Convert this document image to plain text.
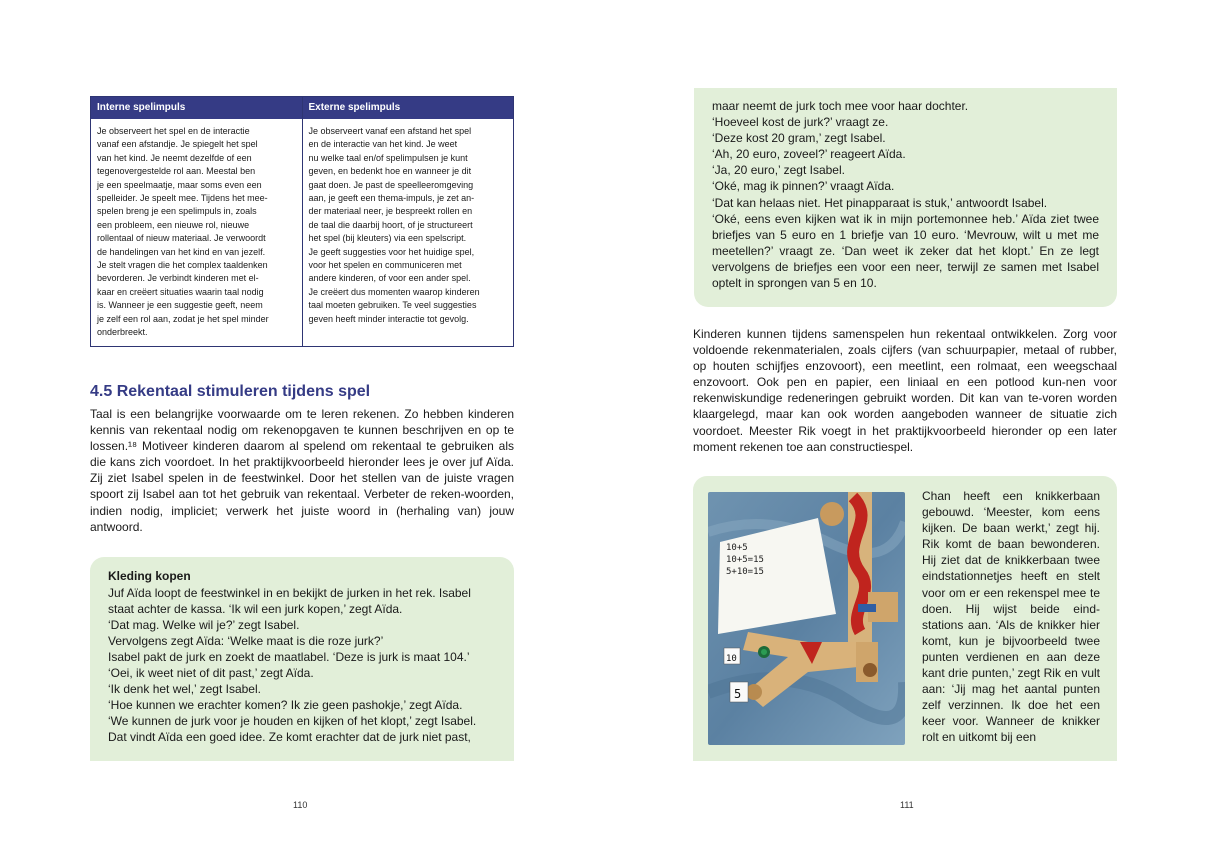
Interne spelimpuls
Je observeert het spel en de interactie
vanaf een afstandje. Je spiegelt het spel
van het kind. Je neemt dezelfde of een
tegenovergestelde rol aan. Meestal ben
je een speelmaatje, maar soms even een
spelleider. Je speelt mee. Tijdens het mee-
spelen breng je een spelimpuls in, zoals
een probleem, een nieuwe rol, nieuwe
rollentaal of nieuw materiaal. Je verwoordt
de handelingen van het kind en van jezelf.
Je stelt vragen die het complex taaldenken
bevorderen. Je verbindt kinderen met el-
kaar en creëert situaties waarin taal nodig
is. Wanneer je een suggestie geeft, neem
je zelf een rol aan, zodat je het spel minder
onderbreekt.
Externe spelimpuls
Je observeert vanaf een afstand het spel
en de interactie van het kind. Je weet
nu welke taal en/of spelimpulsen je kunt
geven, en bedenkt hoe en wanneer je dit
gaat doen. Je past de speelleeromgeving
aan, je geeft een thema-impuls, je zet an-
der materiaal neer, je bespreekt rollen en
de taal die daarbij hoort, of je structureert
het spel (bij kleuters) via een spelscript.
Je geeft suggesties voor het huidige spel,
voor het spelen en communiceren met
andere kinderen, of voor een ander spel.
Je creëert dus momenten waarop kinderen
taal moeten gebruiken. Te veel suggesties
geven heeft minder interactie tot gevolg.
4.5 Rekentaal stimuleren tijdens spel

Taal is een belangrijke voorwaarde om te leren rekenen. Zo hebben kinderen kennis van rekentaal nodig om rekenopgaven te kunnen beschrijven en op te lossen.¹⁸ Motiveer kinderen daarom al spelend om rekentaal te gebruiken als die kans zich voordoet. In het praktijkvoorbeeld hieronder lees je over juf Aïda. Zij ziet Isabel spelen in de feestwinkel. Door het stellen van de juiste vragen spoort zij Isabel aan tot het gebruik van rekentaal. Verbeter de reken-woorden, indien nodig, impliciet; verwerk het juiste woord in (herhaling van) jouw antwoord.

Kleding kopen

Juf Aïda loopt de feestwinkel in en bekijkt de jurken in het rek. Isabel
staat achter de kassa. ‘Ik wil een jurk kopen,’ zegt Aïda.
‘Dat mag. Welke wil je?’ zegt Isabel.
Vervolgens zegt Aïda: ‘Welke maat is die roze jurk?’
Isabel pakt de jurk en zoekt de maatlabel. ‘Deze is jurk is maat 104.’
‘Oei, ik weet niet of dit past,’ zegt Aïda.
‘Ik denk het wel,’ zegt Isabel.
‘Hoe kunnen we erachter komen? Ik zie geen pashokje,’ zegt Aïda.
‘We kunnen de jurk voor je houden en kijken of het klopt,’ zegt Isabel.
Dat vindt Aïda een goed idee. Ze komt erachter dat de jurk niet past,
110
maar neemt de jurk toch mee voor haar dochter.
‘Hoeveel kost de jurk?’ vraagt ze.
‘Deze kost 20 gram,’ zegt Isabel.
‘Ah, 20 euro, zoveel?’ reageert Aïda.
‘Ja, 20 euro,’ zegt Isabel.
‘Oké, mag ik pinnen?’ vraagt Aïda.
‘Dat kan helaas niet. Het pinapparaat is stuk,’ antwoordt Isabel.
‘Oké, eens even kijken wat ik in mijn portemonnee heb.’ Aïda ziet twee briefjes van 5 euro en 1 briefje van 10 euro. ‘Mevrouw, wilt u met me meetellen?’ vraagt ze. ‘Dan weet ik zeker dat het klopt.’ En ze legt vervolgens de briefjes een voor een neer, terwijl ze samen met Isabel optelt in sprongen van 5 en 10.

Kinderen kunnen tijdens samenspelen hun rekentaal ontwikkelen. Zorg voor voldoende rekenmaterialen, zoals cijfers (van schuurpapier, metaal of rubber, op houten schijfjes enzovoort), een meetlint, een rolmaat, een weegschaal enzovoort. Ook pen en papier, een liniaal en een potlood kun-nen voor rekenwiskundige redeneringen gebruikt worden. Dit kan van te-voren worden klaargelegd, maar kan ook worden aangeboden wanneer de situatie zich voordoet. Meester Rik voegt in het praktijkvoorbeeld hieronder op een later moment rekenen toe aan constructiespel.

10
5
10+5
10+5=15
5+10=15

Chan heeft een knikkerbaan gebouwd. ‘Meester, kom eens kijken. De baan werkt,’ zegt hij. Rik komt de baan bewonderen. Hij ziet dat de knikkerbaan twee eindstationnetjes heeft en stelt voor om er een rekenspel mee te doen. Hij wijst beide eind-stations aan. ‘Als de knikker hier komt, kun je bijvoorbeeld twee punten verdienen en aan deze kant drie punten,’ zegt Rik en vult aan: ‘Jij mag het aantal punten zelf verzinnen. Ik doe het een keer voor. Wanneer de knikker rolt en uitkomt bij een

111
